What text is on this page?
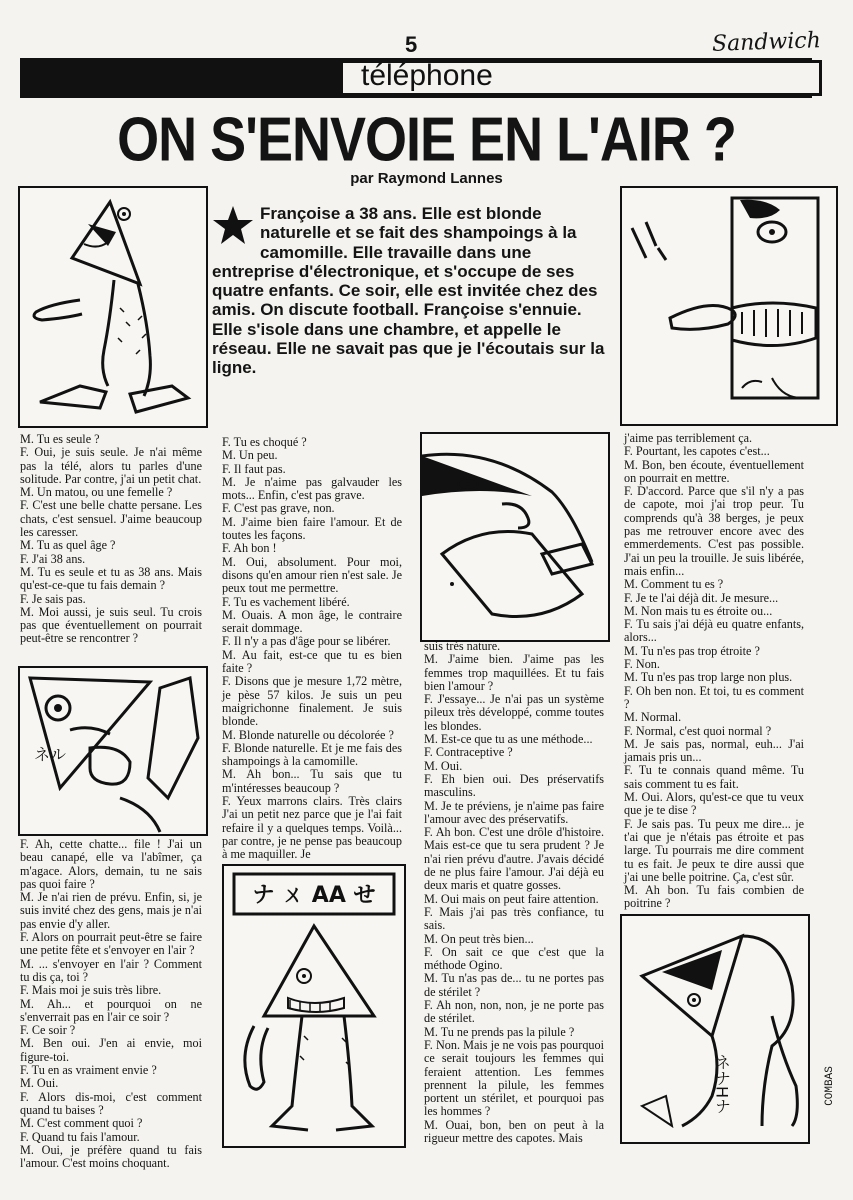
5	Sandwich
téléphone
ON S'ENVOIE EN L'AIR ?
par Raymond Lannes
Françoise a 38 ans. Elle est blonde naturelle et se fait des shampoings à la camomille. Elle travaille dans une entreprise d'électronique, et s'occupe de ses quatre enfants. Ce soir, elle est invitée chez des amis. On discute football. Françoise s'ennuie. Elle s'isole dans une chambre, et appelle le réseau. Elle ne savait pas que je l'écoutais sur la ligne.

M. Tu es seule ?

F. Oui, je suis seule. Je n'ai même pas la télé, alors tu parles d'une solitude. Par contre, j'ai un petit chat.

M. Un matou, ou une femelle ?

F. C'est une belle chatte persane. Les chats, c'est sensuel. J'aime beaucoup les caresser.

M. Tu as quel âge ?

F. J'ai 38 ans.

M. Tu es seule et tu as 38 ans. Mais qu'est-ce-que tu fais demain ?

F. Je sais pas.

M. Moi aussi, je suis seul. Tu crois pas que éventuellement on pourrait peut-être se rencontrer ?

ネル

F. Ah, cette chatte... file ! J'ai un beau canapé, elle va l'abîmer, ça m'agace. Alors, demain, tu ne sais pas quoi faire ?

M. Je n'ai rien de prévu. Enfin, si, je suis invité chez des gens, mais je n'ai pas envie d'y aller.

F. Alors on pourrait peut-être se faire une petite fête et s'envoyer en l'air ?

M. ... s'envoyer en l'air ? Comment tu dis ça, toi ?

F. Mais moi je suis très libre.

M. Ah... et pourquoi on ne s'enverrait pas en l'air ce soir ?

F. Ce soir ?

M. Ben oui. J'en ai envie, moi figure-toi.

F. Tu en as vraiment envie ?

M. Oui.

F. Alors dis-moi, c'est comment quand tu baises ?

M. C'est comment quoi ?

F. Quand tu fais l'amour.

M. Oui, je préfère quand tu fais l'amour. C'est moins choquant.

F. Tu es choqué ?

M. Un peu.

F. Il faut pas.

M. Je n'aime pas galvauder les mots... Enfin, c'est pas grave.

F. C'est pas grave, non.

M. J'aime bien faire l'amour. Et de toutes les façons.

F. Ah bon !

M. Oui, absolument. Pour moi, disons qu'en amour rien n'est sale. Je peux tout me permettre.

F. Tu es vachement libéré.

M. Ouais. A mon âge, le contraire serait dommage.

F. Il n'y a pas d'âge pour se libérer.

M. Au fait, est-ce que tu es bien faite ?

F. Disons que je mesure 1,72 mètre, je pèse 57 kilos. Je suis un peu maigrichonne finalement. Je suis blonde.

M. Blonde naturelle ou décolorée ?

F. Blonde naturelle. Et je me fais des shampoings à la camomille.

M. Ah bon... Tu sais que tu m'intéresses beaucoup ?

F. Yeux marrons clairs. Très clairs J'ai un petit nez parce que je l'ai fait refaire il y a quelques temps. Voilà... par contre, je ne pense pas beaucoup à me maquiller. Je

suis très nature.

M. J'aime bien. J'aime pas les femmes trop maquillées. Et tu fais bien l'amour ?

F. J'essaye... Je n'ai pas un système pileux très développé, comme toutes les blondes.

M. Est-ce que tu as une méthode...

F. Contraceptive ?

M. Oui.

F. Eh bien oui. Des préservatifs masculins.

M. Je te préviens, je n'aime pas faire l'amour avec des préservatifs.

F. Ah bon. C'est une drôle d'histoire. Mais est-ce que tu sera prudent ? Je n'ai rien prévu d'autre. J'avais décidé de ne plus faire l'amour. J'ai déjà eu deux maris et quatre gosses.

M. Oui mais on peut faire attention.

F. Mais j'ai pas très confiance, tu sais.

M. On peut très bien...

F. On sait ce que c'est que la méthode Ogino.

M. Tu n'as pas de... tu ne portes pas de stérilet ?

F. Ah non, non, non, je ne porte pas de stérilet.

M. Tu ne prends pas la pilule ?

F. Non. Mais je ne vois pas pourquoi ce serait toujours les femmes qui feraient attention. Les femmes prennent la pilule, les femmes portent un stérilet, et pourquoi pas les hommes ?

M. Ouai, bon, ben on peut à la rigueur mettre des capotes. Mais

j'aime pas terriblement ça.

F. Pourtant, les capotes c'est...

M. Bon, ben écoute, éventuellement on pourrait en mettre.

F. D'accord. Parce que s'il n'y a pas de capote, moi j'ai trop peur. Tu comprends qu'à 38 berges, je peux pas me retrouver encore avec des emmerdements. C'est pas possible. J'ai un peu la trouille. Je suis libérée, mais enfin...

M. Comment tu es ?

F. Je te l'ai déjà dit. Je mesure...

M. Non mais tu es étroite ou...

F. Tu sais j'ai déjà eu quatre enfants, alors...

M. Tu n'es pas trop étroite ?

F. Non.

M. Tu n'es pas trop large non plus.

F. Oh ben non. Et toi, tu es comment ?

M. Normal.

F. Normal, c'est quoi normal ?

M. Je sais pas, normal, euh... J'ai jamais pris un...

F. Tu te connais quand même. Tu sais comment tu es fait.

M. Oui. Alors, qu'est-ce que tu veux que je te dise ?

F. Je sais pas. Tu peux me dire... je t'ai que je n'étais pas étroite et pas large. Tu pourrais me dire comment tu es fait. Je peux te dire aussi que j'ai une belle poitrine. Ça, c'est sûr.

M. Ah bon. Tu fais combien de poitrine ?

ナ ㄨ AA せ
ネナHナ	COMBAS
